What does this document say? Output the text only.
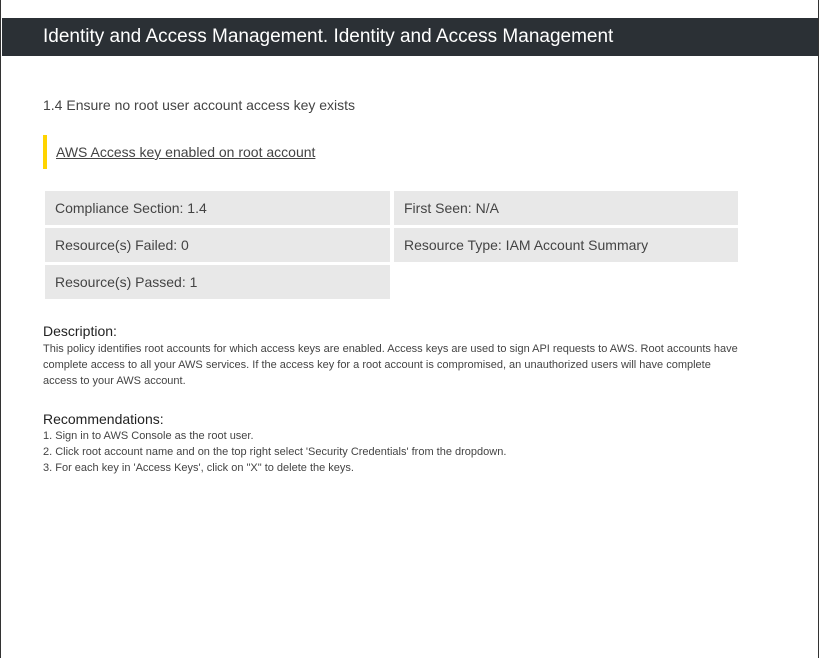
Identity and Access Management. Identity and Access Management
1.4 Ensure no root user account access key exists
AWS Access key enabled on root account
Compliance Section: 1.4	First Seen: N/A
Resource(s) Failed: 0	Resource Type: IAM Account Summary
Resource(s) Passed: 1
Description:
This policy identifies root accounts for which access keys are enabled. Access keys are used to sign API requests to AWS. Root accounts have complete access to all your AWS services. If the access key for a root account is compromised, an unauthorized users will have complete access to your AWS account.
Recommendations:
1. Sign in to AWS Console as the root user.
2. Click root account name and on the top right select 'Security Credentials' from the dropdown.
3. For each key in 'Access Keys', click on "X" to delete the keys.
